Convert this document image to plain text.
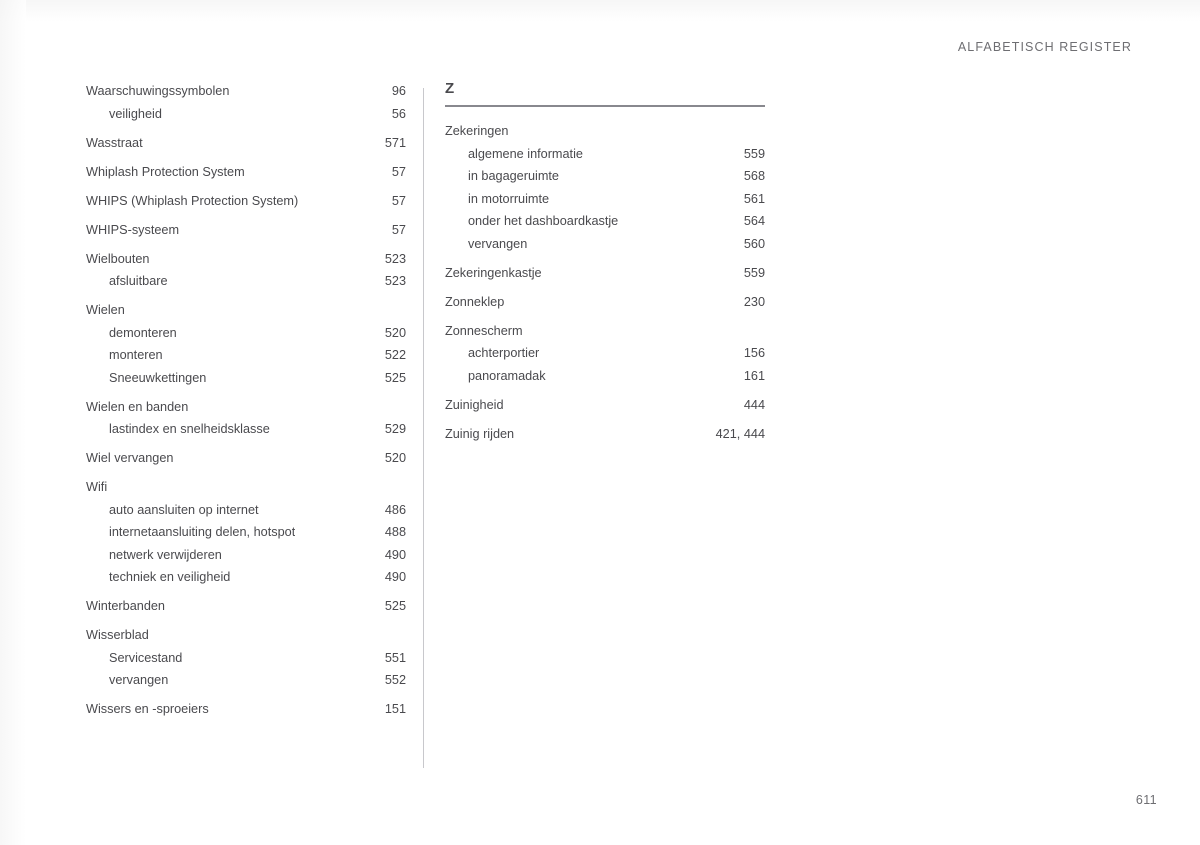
ALFABETISCH REGISTER
Waarschuwingssymbolen	96
veiligheid	56
Wasstraat	571
Whiplash Protection System	57
WHIPS (Whiplash Protection System)	57
WHIPS-systeem	57
Wielbouten	523
afsluitbare	523
Wielen
demonteren	520
monteren	522
Sneeuwkettingen	525
Wielen en banden
lastindex en snelheidsklasse	529
Wiel vervangen	520
Wifi
auto aansluiten op internet	486
internetaansluiting delen, hotspot	488
netwerk verwijderen	490
techniek en veiligheid	490
Winterbanden	525
Wisserblad
Servicestand	551
vervangen	552
Wissers en -sproeiers	151
Z
Zekeringen
algemene informatie	559
in bagageruimte	568
in motorruimte	561
onder het dashboardkastje	564
vervangen	560
Zekeringenkastje	559
Zonneklep	230
Zonnescherm
achterportier	156
panoramadak	161
Zuinigheid	444
Zuinig rijden	421, 444
611
